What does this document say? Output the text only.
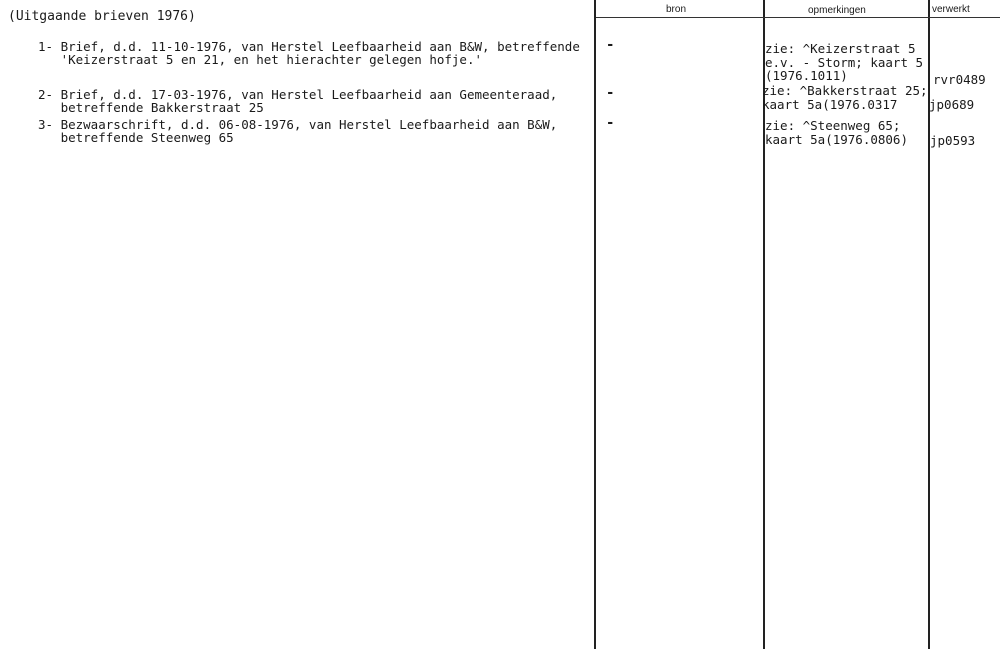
bron	opmerkingen	verwerkt
(Uitgaande brieven 1976)
1- Brief, d.d. 11-10-1976, van Herstel Leefbaarheid aan B&W, betreffende
'Keizerstraat 5 en 21, en het hierachter gelegen hofje.'
-	zie: ^Keizerstraat 5
e.v. - Storm; kaart 5
(1976.1011)	rvr0489
2- Brief, d.d. 17-03-1976, van Herstel Leefbaarheid aan Gemeenteraad,
betreffende Bakkerstraat 25
-	zie: ^Bakkerstraat 25;
kaart 5a(1976.0317	jp0689
3- Bezwaarschrift, d.d. 06-08-1976, van Herstel Leefbaarheid aan B&W,
betreffende Steenweg 65
-	zie: ^Steenweg 65;
kaart 5a(1976.0806) jp0593
